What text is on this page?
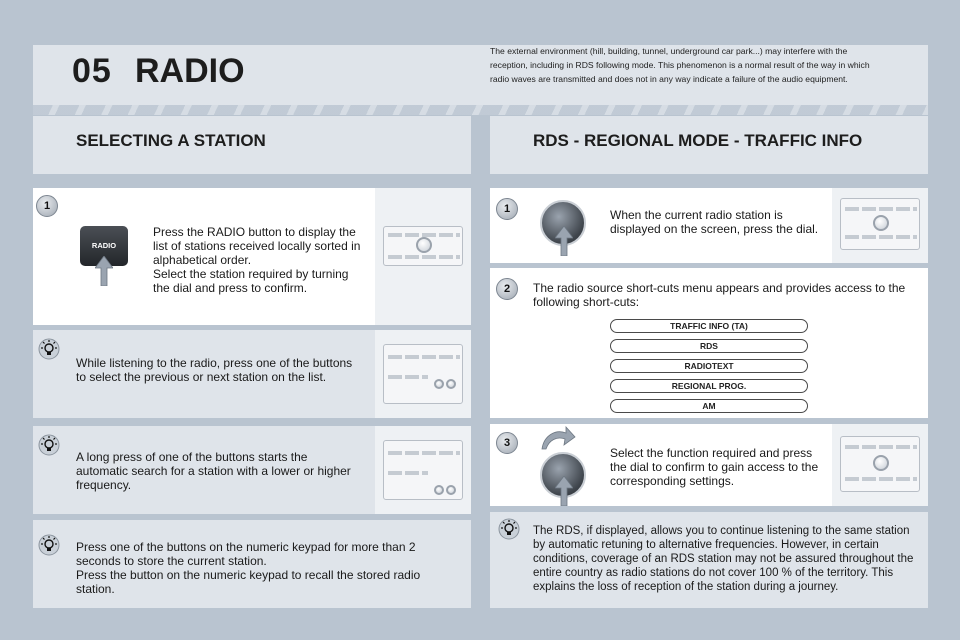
05 RADIO
The external environment (hill, building, tunnel, underground car park...) may interfere with the reception, including in RDS following mode. This phenomenon is a normal result of the way in which radio waves are transmitted and does not in any way indicate a failure of the audio equipment.
SELECTING A STATION	RDS - REGIONAL MODE - TRAFFIC INFO
1
RADIO
Press the RADIO button to display the list of stations received locally sorted in alphabetical order.
Select the station required by turning the dial and press to confirm.
While listening to the radio, press one of the buttons to select the previous or next station on the list.
A long press of one of the buttons starts the automatic search for a station with a lower or higher frequency.
Press one of the buttons on the numeric keypad for more than 2 seconds to store the current station.
Press the button on the numeric keypad to recall the stored radio station.
1	When the current radio station is displayed on the screen, press the dial.
2	The radio source short-cuts menu appears and provides access to the following short-cuts:
TRAFFIC INFO (TA)
RDS
RADIOTEXT
REGIONAL PROG.
AM
3
Select the function required and press the dial to confirm to gain access to the corresponding settings.
The RDS, if displayed, allows you to continue listening to the same station by automatic retuning to alternative frequencies. However, in certain conditions, coverage of an RDS station may not be assured throughout the entire country as radio stations do not cover 100 % of the territory. This explains the loss of reception of the station during a journey.
